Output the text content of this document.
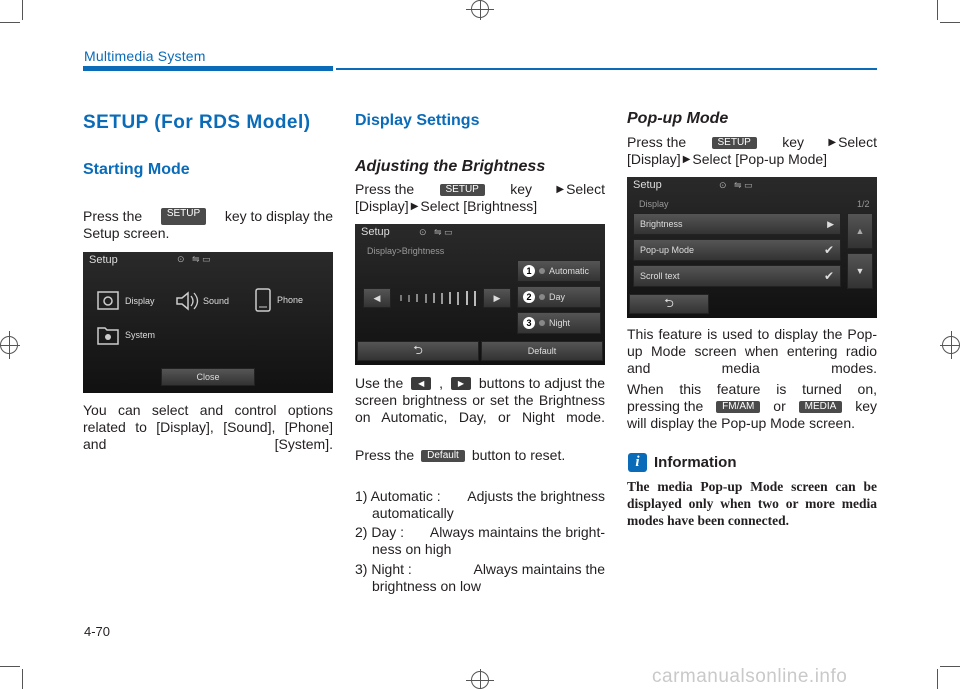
Multimedia System
SETUP (For RDS Model)
Starting Mode
Press the	SETUP	key to display the
Setup screen.
Setup	⊙   ⇋ ▭
Display	Sound	Phone
System
Close
You can select and control options related to [Display], [Sound], [Phone] and [System].
Display Settings
Adjusting the Brightness
Press the	SETUP	key ▶ Select
[Display] ▶ Select [Brightness]
Setup	⊙   ⇋ ▭
Display>Brightness
◀	▶
1	Automatic
2	Day
3	Night
⮌	Default
Use the	◀	,	▶	buttons to adjust the
screen brightness or set the Brightness on Automatic, Day, or Night mode.
Press the	Default button to reset.
1) Automatic : Adjusts the brightness
automatically
2) Day : Always maintains the bright-
ness on high
3) Night :	Always maintains the
brightness on low
Pop-up Mode
Press the	SETUP	key ▶ Select
[Display] ▶ Select [Pop-up Mode]
Setup	⊙   ⇋ ▭
Display	1/2
Brightness	▶
Pop-up Mode	✔
Scroll text	✔
▲
▼
⮌
This feature is used to display the Pop-up Mode screen when entering radio and media modes.
When this feature is turned on,
pressing the	FM/AM	or	MEDIA	key
will display the Pop-up Mode screen.
i Information
The media Pop-up Mode screen can be displayed only when two or more media modes have been connected.
4-70
carmanualsonline.info
